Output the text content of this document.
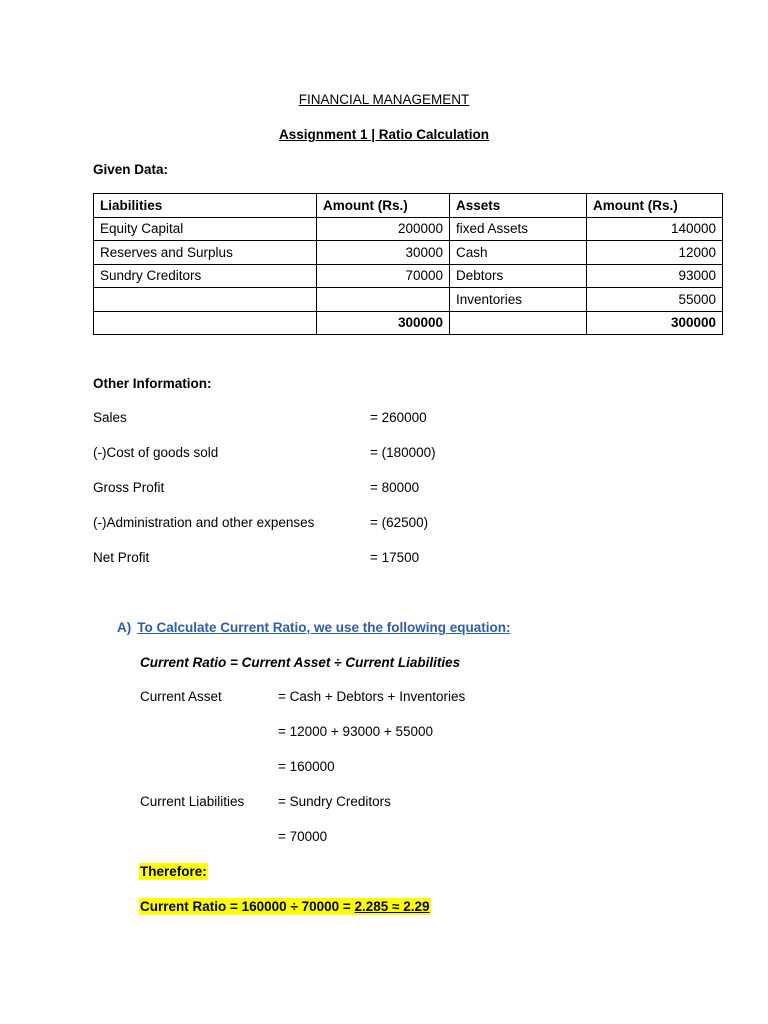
FINANCIAL MANAGEMENT
Assignment 1 | Ratio Calculation
Given Data:
Liabilities	Amount (Rs.)	Assets	Amount (Rs.)
Equity Capital	200000	fixed Assets	140000
Reserves and Surplus	30000	Cash	12000
Sundry Creditors	70000	Debtors	93000
		Inventories	55000
	300000		300000
Other Information:
Sales	= 260000
(-)Cost of goods sold	= (180000)
Gross Profit	= 80000
(-)Administration and other expenses	= (62500)
Net Profit	= 17500
A) To Calculate Current Ratio, we use the following equation:
Current Ratio = Current Asset ÷ Current Liabilities
Current Asset	= Cash + Debtors + Inventories
= 12000 + 93000 + 55000
= 160000
Current Liabilities = Sundry Creditors
= 70000
Therefore:
Current Ratio = 160000 ÷ 70000 = 2.285 ≈ 2.29
